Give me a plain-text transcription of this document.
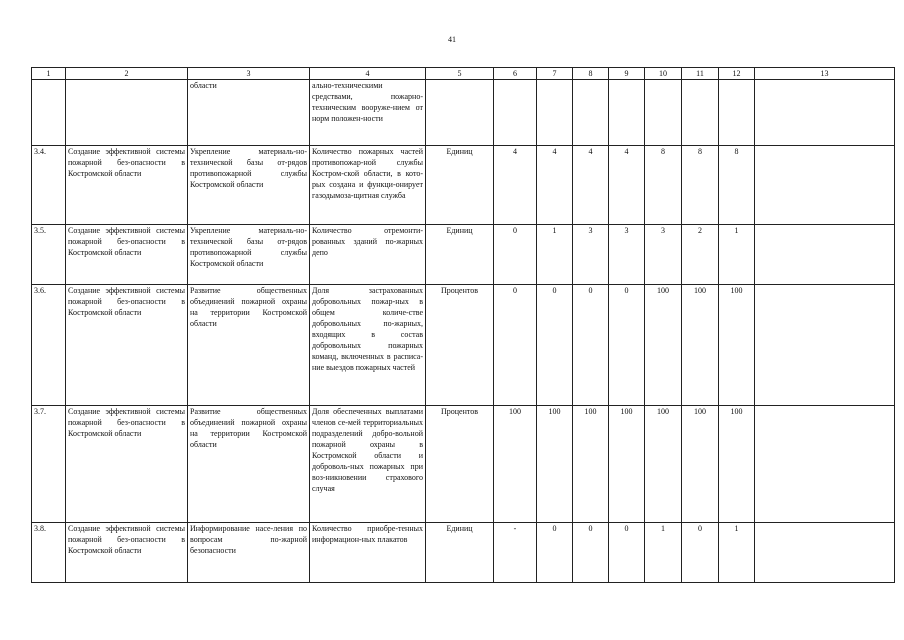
41
1	2	3	4	5	6	7	8	9	10	11	12	13
		области	ально-техническими средствами, пожарно-техническим вооруже-нием от норм положен-ности									
3.4.	Создание эффективной системы пожарной без-опасности в Костромской области	Укрепление материаль-но-технической базы от-рядов противопожарной службы Костромской области	Количество пожарных частей противопожар-ной службы Костром-ской области, в кото-рых создана и функци-онирует газодымоза-щитная служба	Единиц	4	4	4	4	8	8	8	
3.5.	Создание эффективной системы пожарной без-опасности в Костромской области	Укрепление материаль-но-технической базы от-рядов противопожарной службы Костромской области	Количество отремонти-рованных зданий по-жарных депо	Единиц	0	1	3	3	3	2	1	
3.6.	Создание эффективной системы пожарной без-опасности в Костромской области	Развитие общественных объединений пожарной охраны на территории Костромской области	Доля застрахованных добровольных пожар-ных в общем количе-стве добровольных по-жарных, входящих в состав добровольных пожарных команд, включенных в расписа-ние выездов пожарных частей	Процентов	0	0	0	0	100	100	100	
3.7.	Создание эффективной системы пожарной без-опасности в Костромской области	Развитие общественных объединений пожарной охраны на территории Костромской области	Доля обеспеченных выплатами членов се-мей территориальных подразделений добро-вольной пожарной охраны в Костромской области и доброволь-ных пожарных при воз-никновении страхового случая	Процентов	100	100	100	100	100	100	100	
3.8.	Создание эффективной системы пожарной без-опасности в Костромской области	Информирование насе-ления по вопросам по-жарной безопасности	Количество приобре-тенных информацион-ных плакатов	Единиц	-	0	0	0	1	0	1	
